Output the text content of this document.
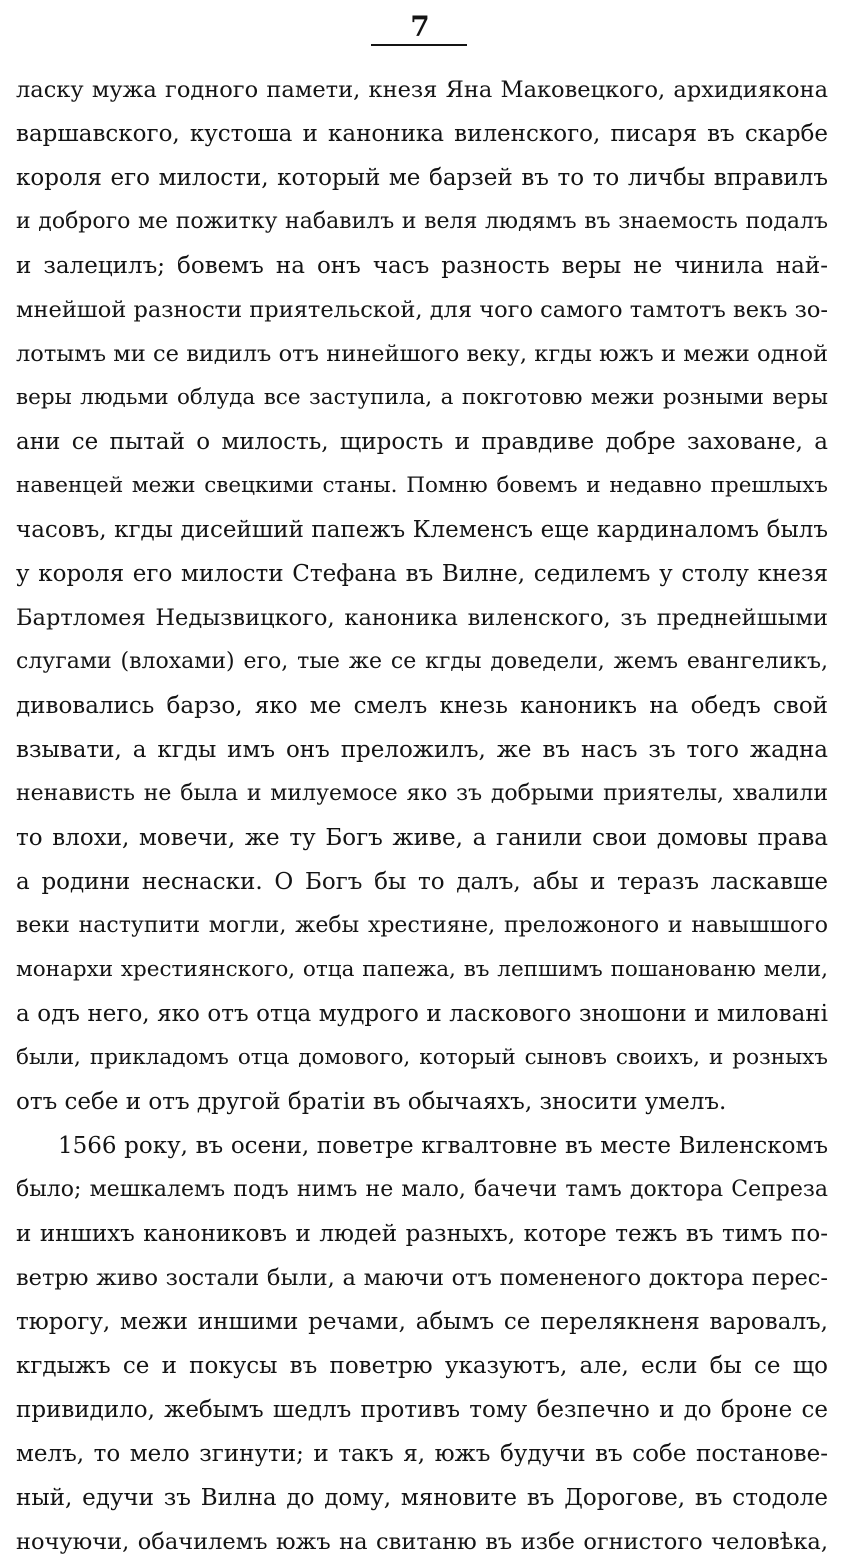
7
ласку мужа годного памети, кнезя Яна Маковецкого, архидиякона
варшавского, кустоша и каноника виленского, писаря въ скарбе
короля его милости, который ме барзей въ то то личбы вправилъ
и доброго ме пожитку набавилъ и веля людямъ въ знаемость подалъ
и залецилъ; бовемъ на онъ часъ разность веры не чинила най-
мнейшой разности приятельской, для чого самого тамтотъ векъ зо-
лотымъ ми се видилъ отъ нинейшого веку, кгды южъ и межи одной
веры людьми облуда все заступила, а покготовю межи розными веры
ани се пытай о милость, щирость и правдиве добре захованe, а
навенцей межи свецкими станы. Помню бовемъ и недавно прешлыхъ
часовъ, кгды дисейший папежъ Клеменсъ еще кардиналомъ былъ
у короля его милости Стефана въ Вилне, седилемъ у столу кнезя
Бартломея Недызвицкого, каноника виленского, зъ преднейшыми
слугами (влохами) его, тые же се кгды доведели, жемъ евангеликъ,
дивовались барзо, яко ме смелъ кнезь каноникъ на обедъ свой
взывати, а кгды имъ онъ преложилъ, же въ насъ зъ того жадна
ненависть не была и милуемосе яко зъ добрыми приятелы, хвалили
то влохи, мовечи, же ту Богъ живе, а ганили свои домовы права
а родини неснаски. О Богъ бы то далъ, абы и теразъ ласкавше
веки наступити могли, жебы хрестияне, преложоного и навышшого
монархи хрестиянского, отца папежа, въ лепшимъ пошанованю мели,
а одъ него, яко отъ отца мудрого и ласкового зношони и милованi
были, прикладомъ отца домового, который сыновъ своихъ, и розныхъ
отъ себе и отъ другой братiи въ обычаяхъ, зносити умелъ.
1566 року, въ осени, поветре кгвалтовне въ месте Виленскомъ
было; мешкалемъ подъ нимъ не мало, бачечи тамъ доктора Сепреза
и иншихъ канониковъ и людей разныхъ, которе тежъ въ тимъ по-
ветрю живо зостали были, а маючи отъ помененого доктора перес-
тюрогу, межи иншими речами, абымъ се перелякненя варовалъ,
кгдыжъ се и покусы въ поветрю указуютъ, але, если бы се що
привидило, жебымъ шедлъ противъ тому безпечно и до броне се
мелъ, то мело згинути; и такъ я, южъ будучи въ собе постанове-
ный, едучи зъ Вилна до дому, мяновите въ Дорогове, въ стодоле
ночуючи, обачилемъ южъ на свитаню въ избе огнистого человѣка,
